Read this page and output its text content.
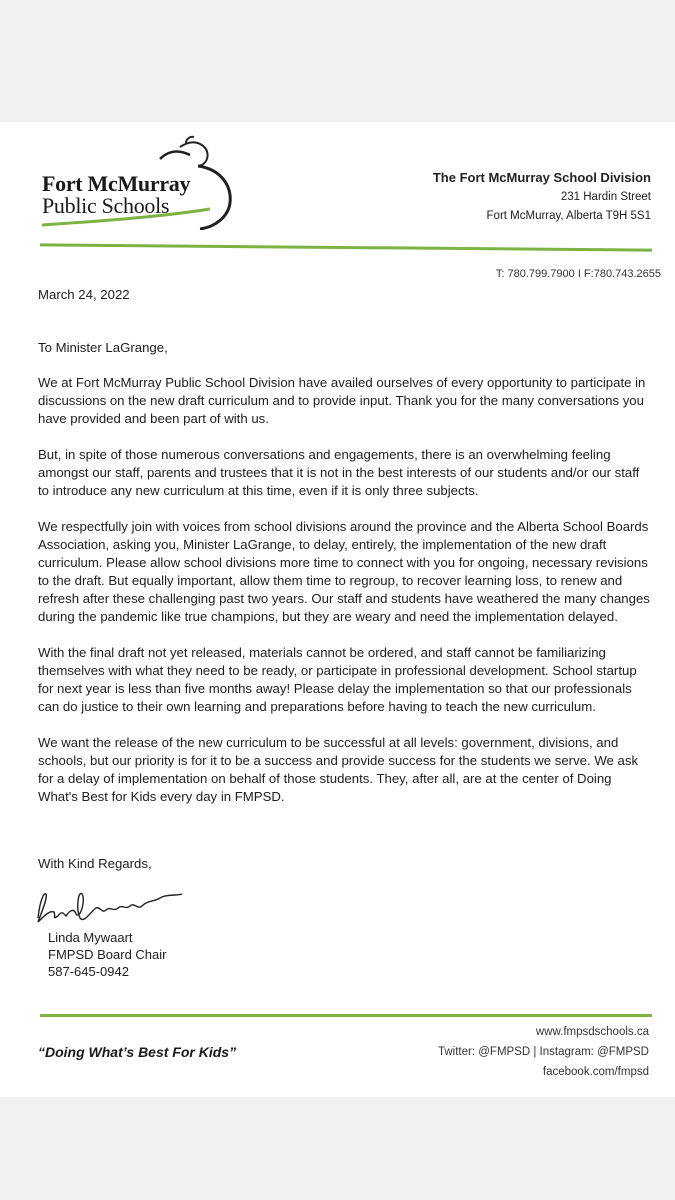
Fort McMurray
Public Schools
The Fort McMurray School Division
231 Hardin Street
Fort McMurray, Alberta T9H 5S1
T: 780.799.7900 I F:780.743.2655
March 24, 2022
To Minister LaGrange,

We at Fort McMurray Public School Division have availed ourselves of every opportunity to participate in discussions on the new draft curriculum and to provide input. Thank you for the many conversations you have provided and been part of with us.

But, in spite of those numerous conversations and engagements, there is an overwhelming feeling amongst our staff, parents and trustees that it is not in the best interests of our students and/or our staff to introduce any new curriculum at this time, even if it is only three subjects.

We respectfully join with voices from school divisions around the province and the Alberta School Boards Association, asking you, Minister LaGrange, to delay, entirely, the implementation of the new draft curriculum. Please allow school divisions more time to connect with you for ongoing, necessary revisions to the draft. But equally important, allow them time to regroup, to recover learning loss, to renew and refresh after these challenging past two years. Our staff and students have weathered the many changes during the pandemic like true champions, but they are weary and need the implementation delayed.

With the final draft not yet released, materials cannot be ordered, and staff cannot be familiarizing themselves with what they need to be ready, or participate in professional development. School startup for next year is less than five months away! Please delay the implementation so that our professionals can do justice to their own learning and preparations before having to teach the new curriculum.

We want the release of the new curriculum to be successful at all levels: government, divisions, and schools, but our priority is for it to be a success and provide success for the students we serve. We ask for a delay of implementation on behalf of those students. They, after all, are at the center of Doing What's Best for Kids every day in FMPSD.

With Kind Regards,
Linda Mywaart
FMPSD Board Chair
587-645-0942
“Doing What’s Best For Kids”
www.fmpsdschools.ca
Twitter: @FMPSD | Instagram: @FMPSD
facebook.com/fmpsd
